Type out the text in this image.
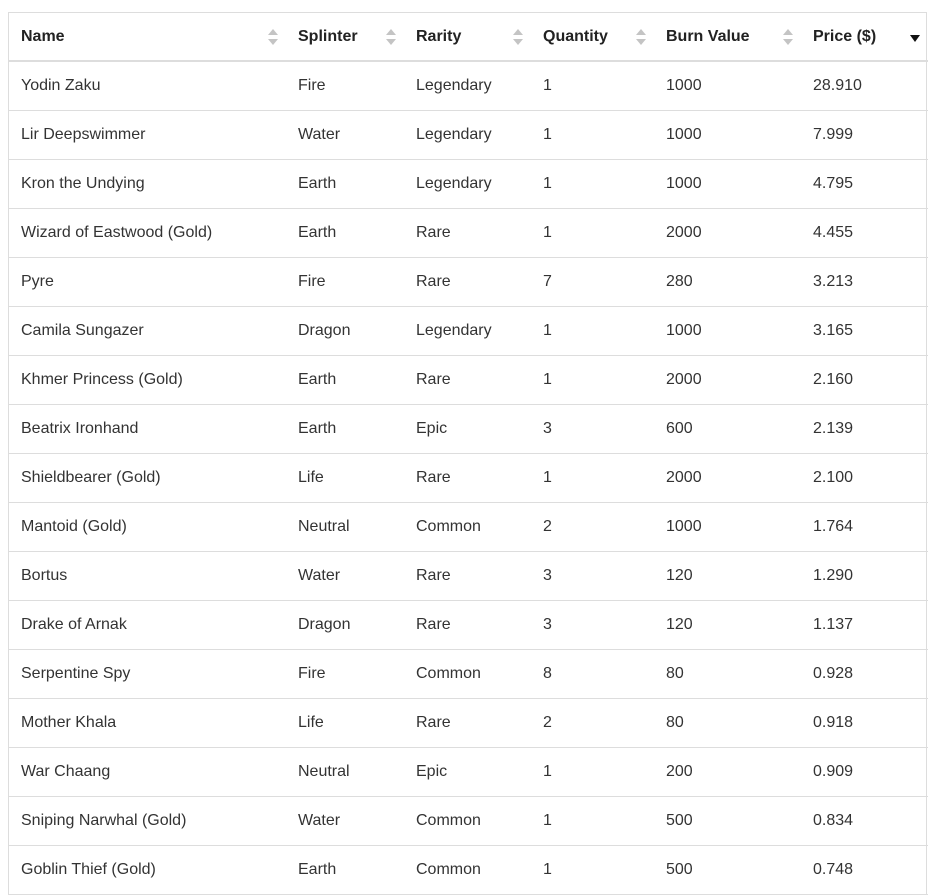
Name	Splinter	Rarity	Quantity	Burn Value	Price ($)

Yodin Zaku	Fire	Legendary	1	1000	28.910
Lir Deepswimmer	Water	Legendary	1	1000	7.999
Kron the Undying	Earth	Legendary	1	1000	4.795
Wizard of Eastwood (Gold)	Earth	Rare	1	2000	4.455
Pyre	Fire	Rare	7	280	3.213
Camila Sungazer	Dragon	Legendary	1	1000	3.165
Khmer Princess (Gold)	Earth	Rare	1	2000	2.160
Beatrix Ironhand	Earth	Epic	3	600	2.139
Shieldbearer (Gold)	Life	Rare	1	2000	2.100
Mantoid (Gold)	Neutral	Common	2	1000	1.764
Bortus	Water	Rare	3	120	1.290
Drake of Arnak	Dragon	Rare	3	120	1.137
Serpentine Spy	Fire	Common	8	80	0.928
Mother Khala	Life	Rare	2	80	0.918
War Chaang	Neutral	Epic	1	200	0.909
Sniping Narwhal (Gold)	Water	Common	1	500	0.834
Goblin Thief (Gold)	Earth	Common	1	500	0.748
